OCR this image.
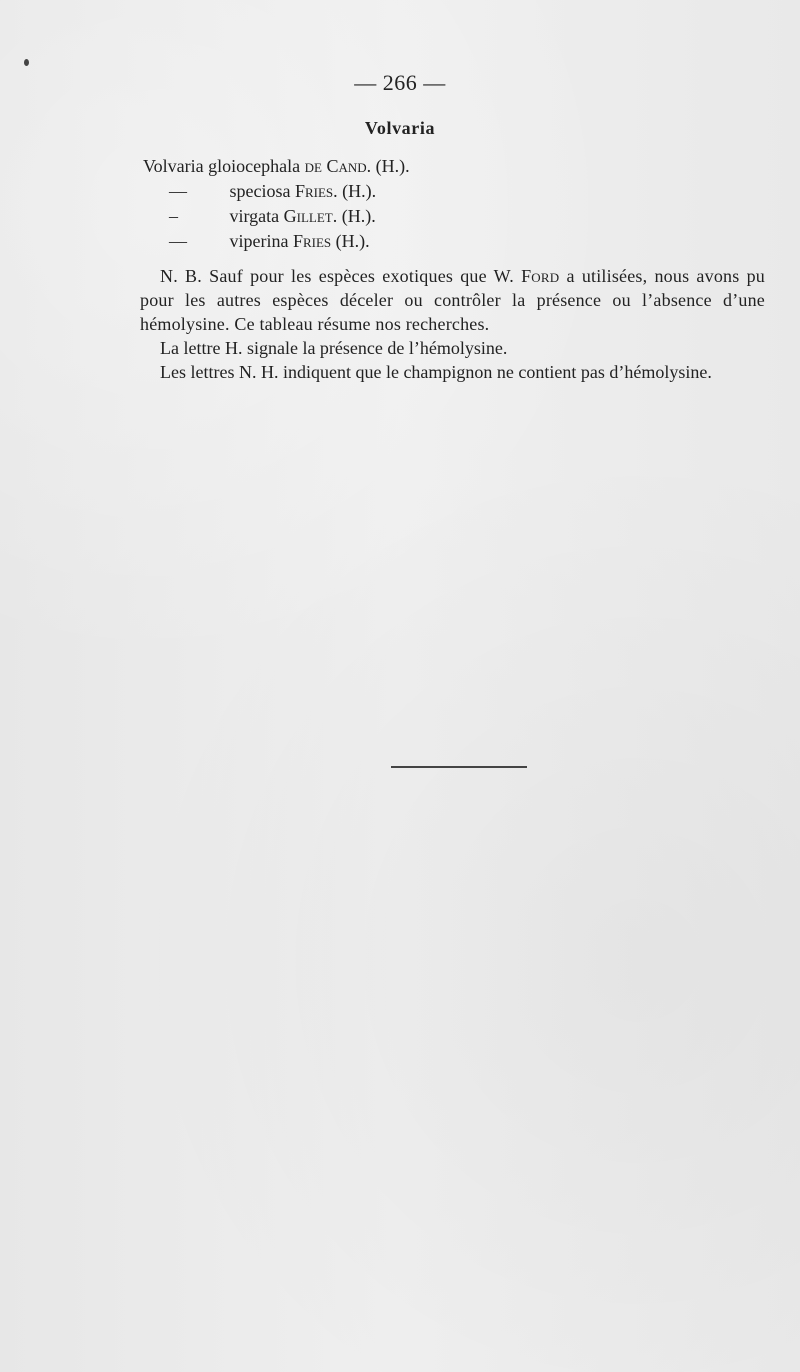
— 266 —
Volvaria
Volvaria gloiocephala de Cand. (H.).
— speciosa Fries. (H.).
–	virgata Gillet. (H.).
— viperina Fries (H.).

N. B. Sauf pour les espèces exotiques que W. Ford a utilisées, nous avons pu pour les autres espèces déceler ou contrôler la présence ou l’absence d’une hémolysine. Ce tableau résume nos recherches.

La lettre H. signale la présence de l’hémolysine.

Les lettres N. H. indiquent que le champignon ne contient pas d’hémolysine.
